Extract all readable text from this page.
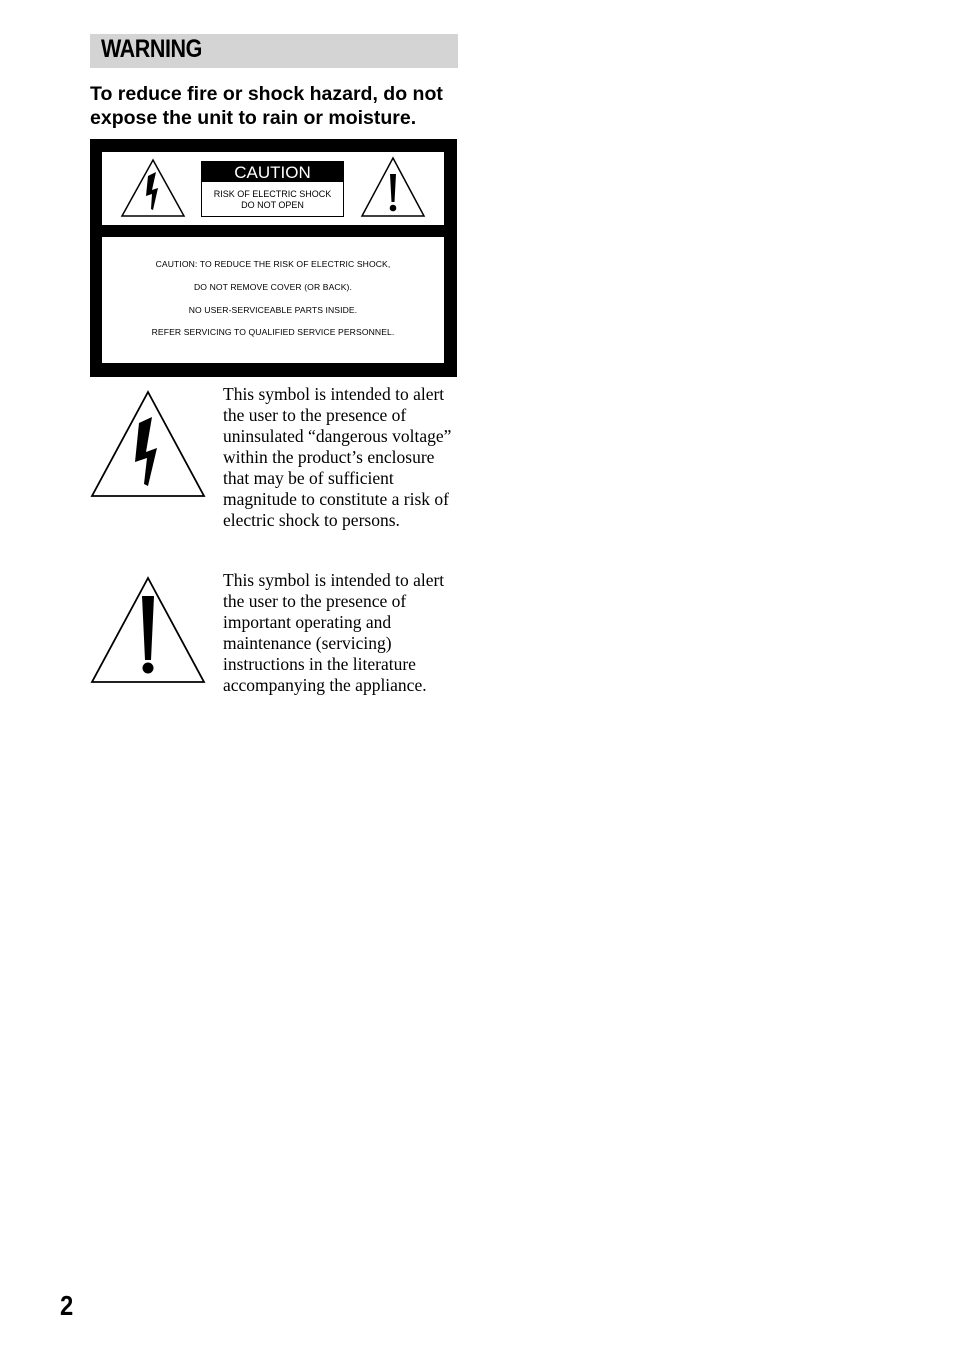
WARNING
To reduce fire or shock hazard, do not expose the unit to rain or moisture.
CAUTION
RISK OF ELECTRIC SHOCK
DO NOT OPEN
CAUTION: TO REDUCE THE RISK OF ELECTRIC SHOCK,
DO NOT REMOVE COVER (OR BACK).
NO USER-SERVICEABLE PARTS INSIDE.
REFER SERVICING TO QUALIFIED SERVICE PERSONNEL.
This symbol is intended to alert the user to the presence of uninsulated “dangerous voltage” within the product’s enclosure that may be of sufficient magnitude to constitute a risk of electric shock to persons.
This symbol is intended to alert the user to the presence of important operating and maintenance (servicing) instructions in the literature accompanying the appliance.
2
